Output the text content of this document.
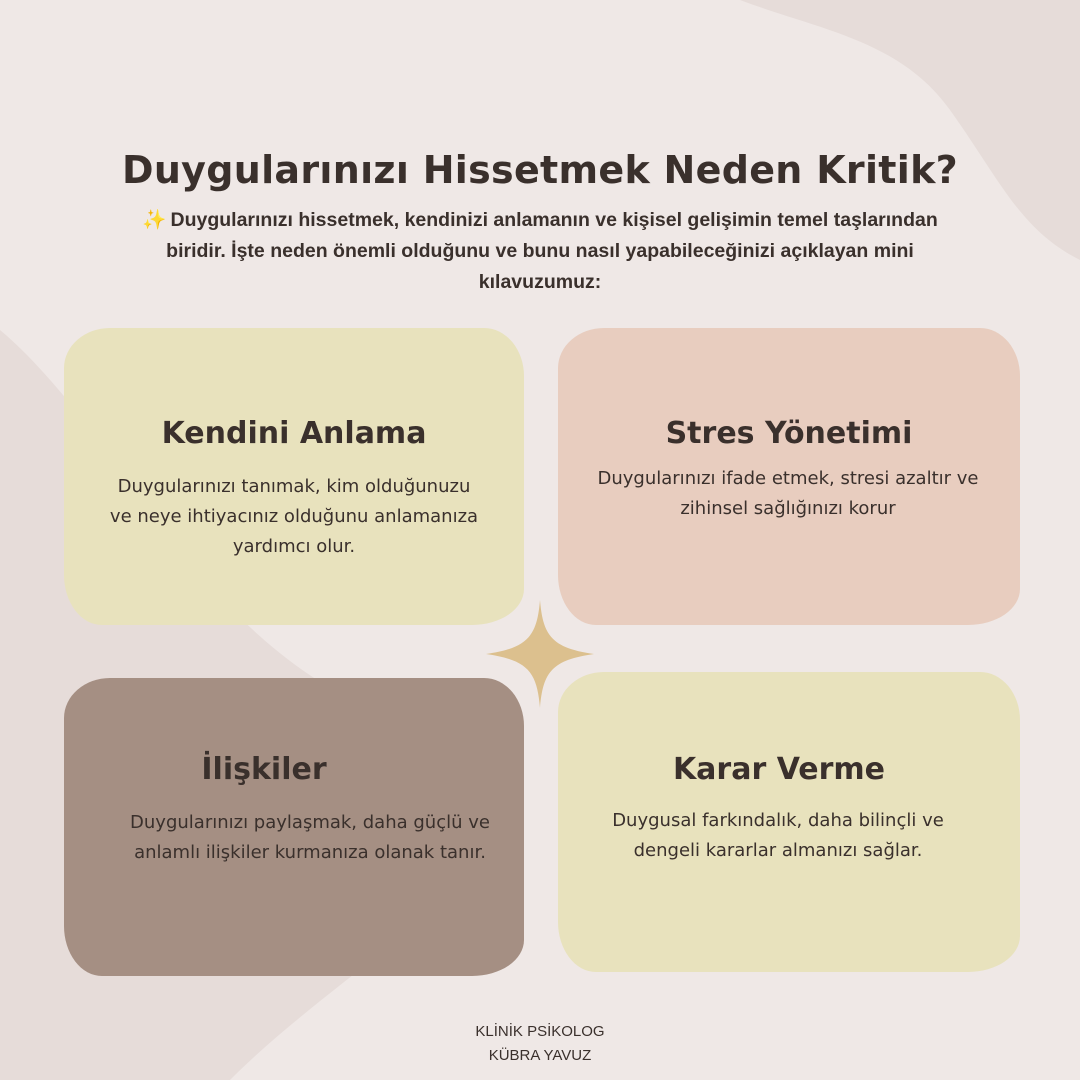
Duygularınızı Hissetmek Neden Kritik?

✨ Duygularınızı hissetmek, kendinizi anlamanın ve kişisel gelişimin temel taşlarından biridir. İşte neden önemli olduğunu ve bunu nasıl yapabileceğinizi açıklayan mini kılavuzumuz:

Kendini Anlama

Duygularınızı tanımak, kim olduğunuzu ve neye ihtiyacınız olduğunu anlamanıza yardımcı olur.

Stres Yönetimi

Duygularınızı ifade etmek, stresi azaltır ve zihinsel sağlığınızı korur

İlişkiler

Duygularınızı paylaşmak, daha güçlü ve anlamlı ilişkiler kurmanıza olanak tanır.

Karar Verme

Duygusal farkındalık, daha bilinçli ve dengeli kararlar almanızı sağlar.

KLİNİK PSİKOLOG
KÜBRA YAVUZ
